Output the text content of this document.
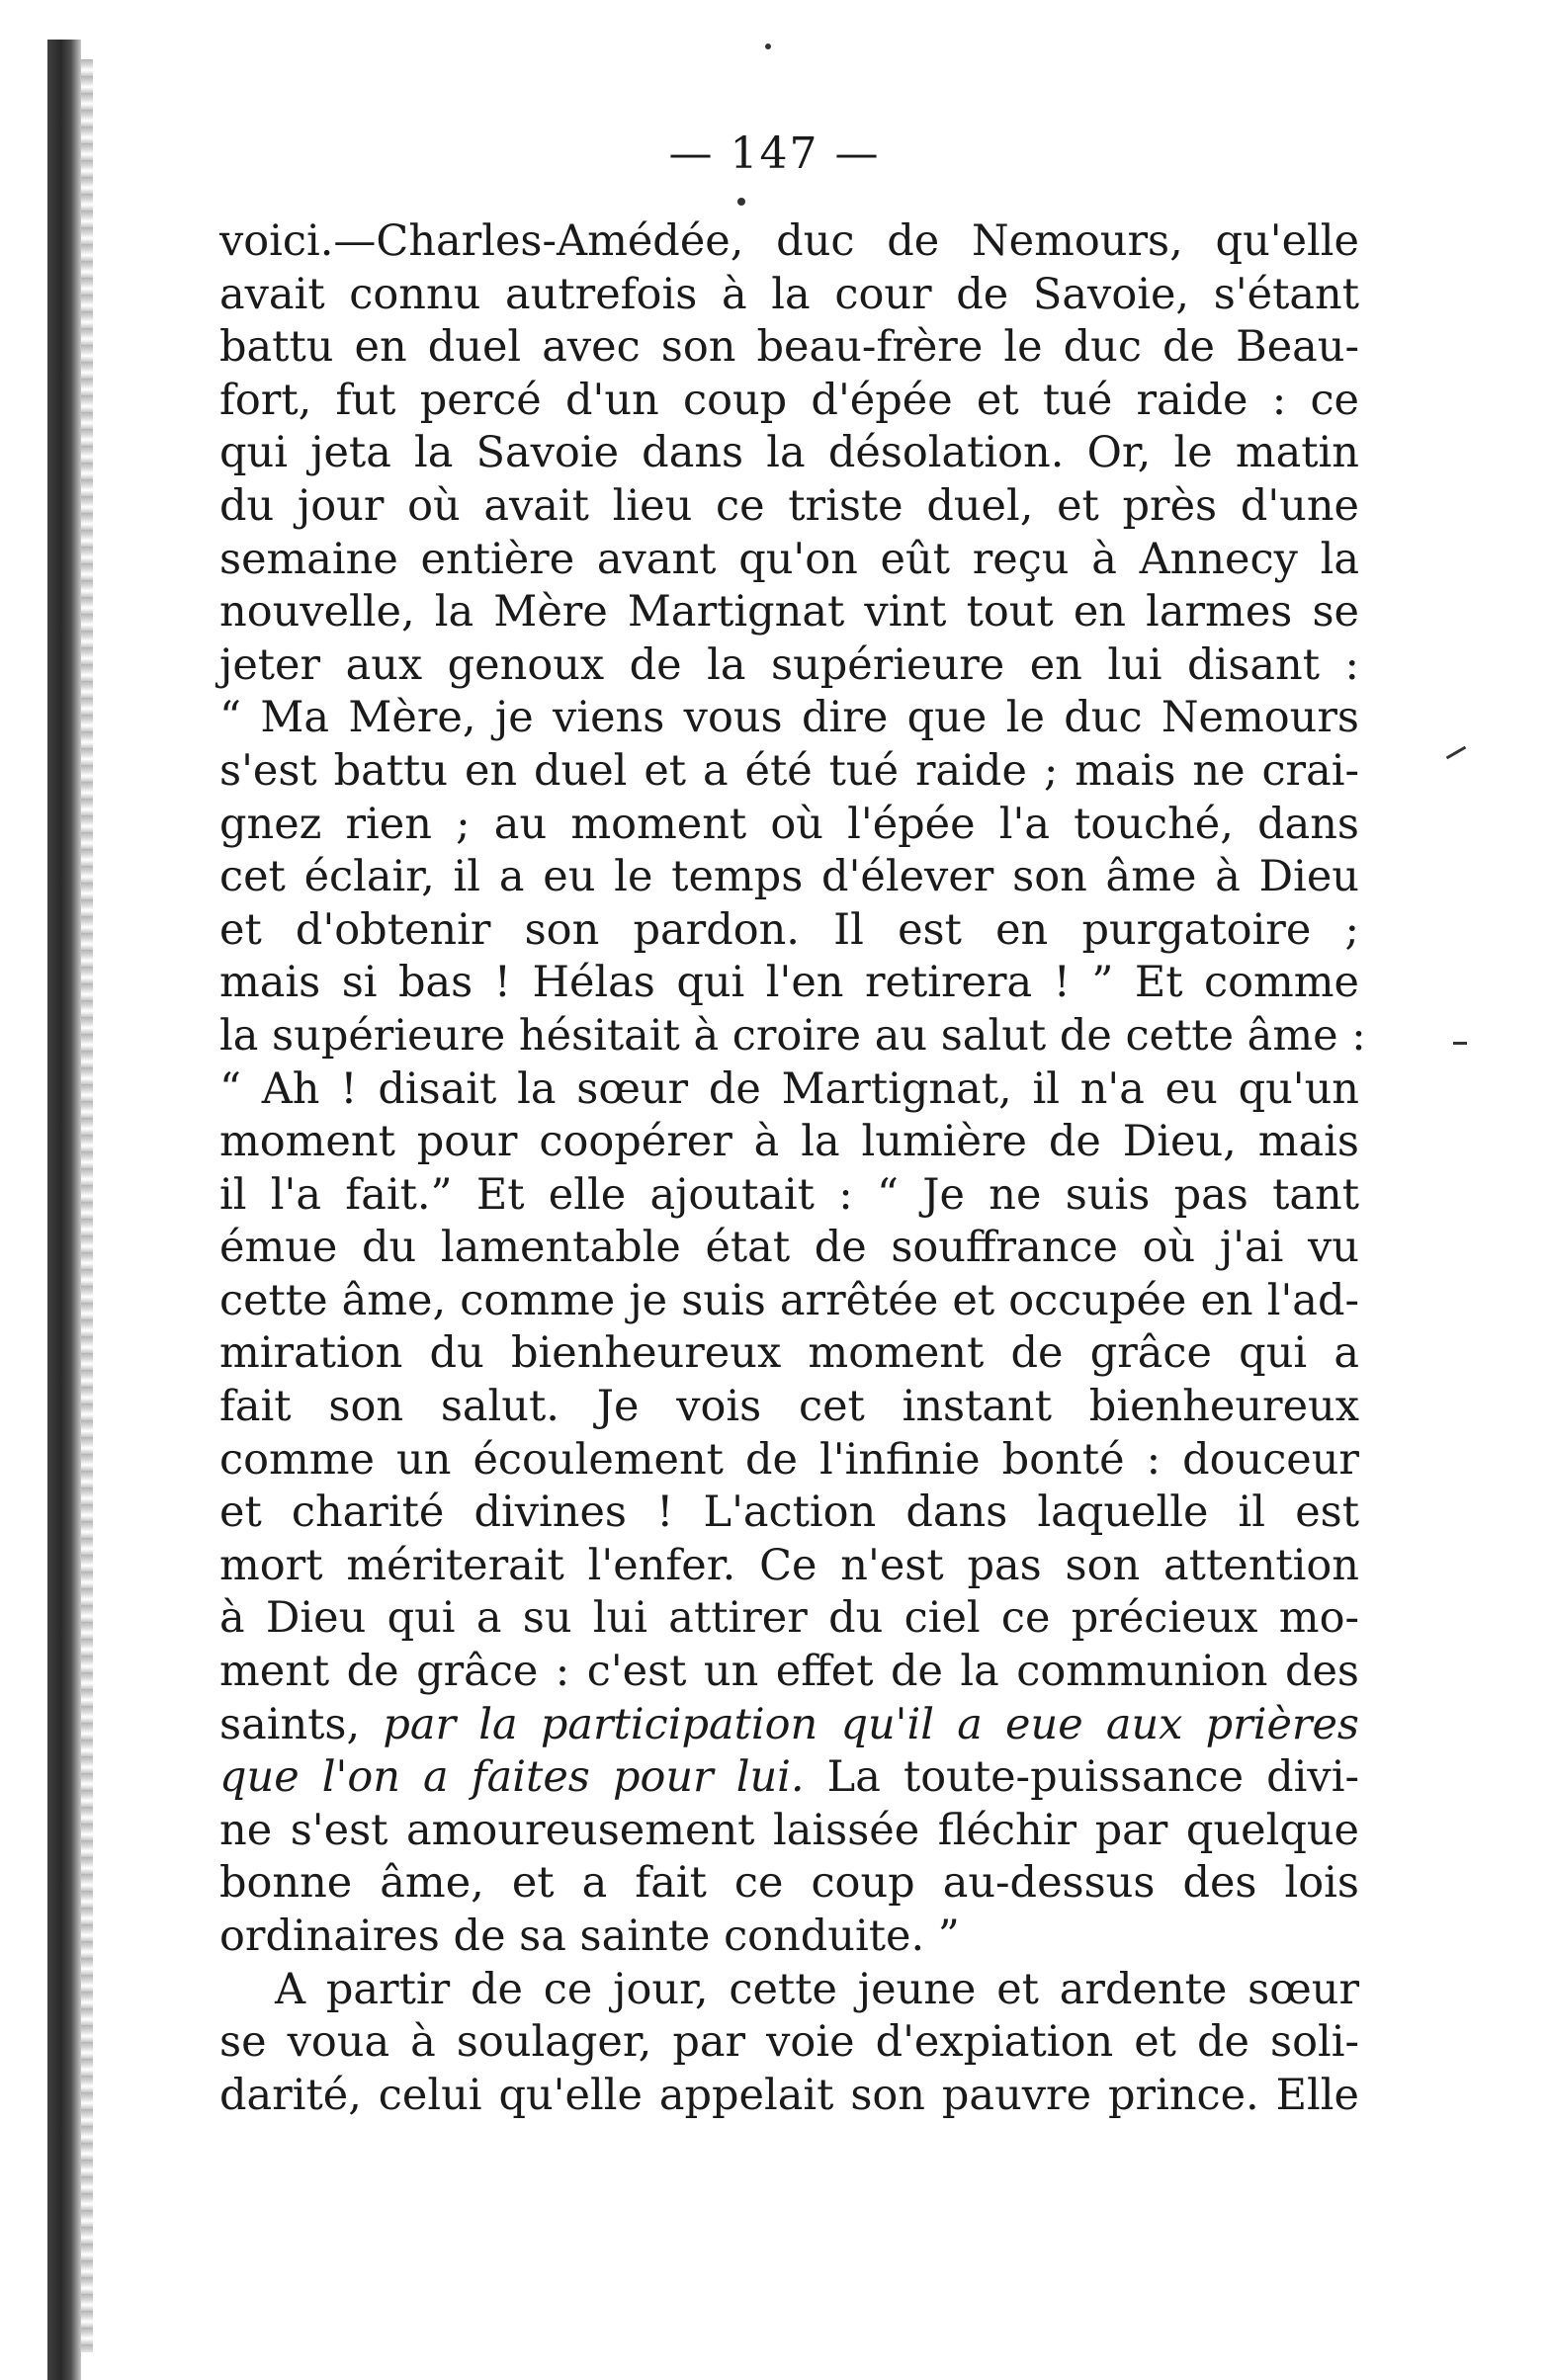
— 147 —
voici.—Charles-Amédée, duc de Nemours, qu'elle
avait connu autrefois à la cour de Savoie, s'étant
battu en duel avec son beau-frère le duc de Beau-
fort, fut percé d'un coup d'épée et tué raide : ce
qui jeta la Savoie dans la désolation. Or, le matin
du jour où avait lieu ce triste duel, et près d'une
semaine entière avant qu'on eût reçu à Annecy la
nouvelle, la Mère Martignat vint tout en larmes se
jeter aux genoux de la supérieure en lui disant :
“ Ma Mère, je viens vous dire que le duc Nemours
s'est battu en duel et a été tué raide ; mais ne crai-
gnez rien ; au moment où l'épée l'a touché, dans
cet éclair, il a eu le temps d'élever son âme à Dieu
et d'obtenir son pardon. Il est en purgatoire ;
mais si bas ! Hélas qui l'en retirera ! ” Et comme
la supérieure hésitait à croire au salut de cette âme :
“ Ah ! disait la sœur de Martignat, il n'a eu qu'un
moment pour coopérer à la lumière de Dieu, mais
il l'a fait.” Et elle ajoutait : “ Je ne suis pas tant
émue du lamentable état de souffrance où j'ai vu
cette âme, comme je suis arrêtée et occupée en l'ad-
miration du bienheureux moment de grâce qui a
fait son salut. Je vois cet instant bienheureux
comme un écoulement de l'infinie bonté : douceur
et charité divines ! L'action dans laquelle il est
mort mériterait l'enfer. Ce n'est pas son attention
à Dieu qui a su lui attirer du ciel ce précieux mo-
ment de grâce : c'est un effet de la communion des
saints, par la participation qu'il a eue aux prières
que l'on a faites pour lui. La toute-puissance divi-
ne s'est amoureusement laissée fléchir par quelque
bonne âme, et a fait ce coup au-dessus des lois
ordinaires de sa sainte conduite. ”
A partir de ce jour, cette jeune et ardente sœur
se voua à soulager, par voie d'expiation et de soli-
darité, celui qu'elle appelait son pauvre prince. Elle
